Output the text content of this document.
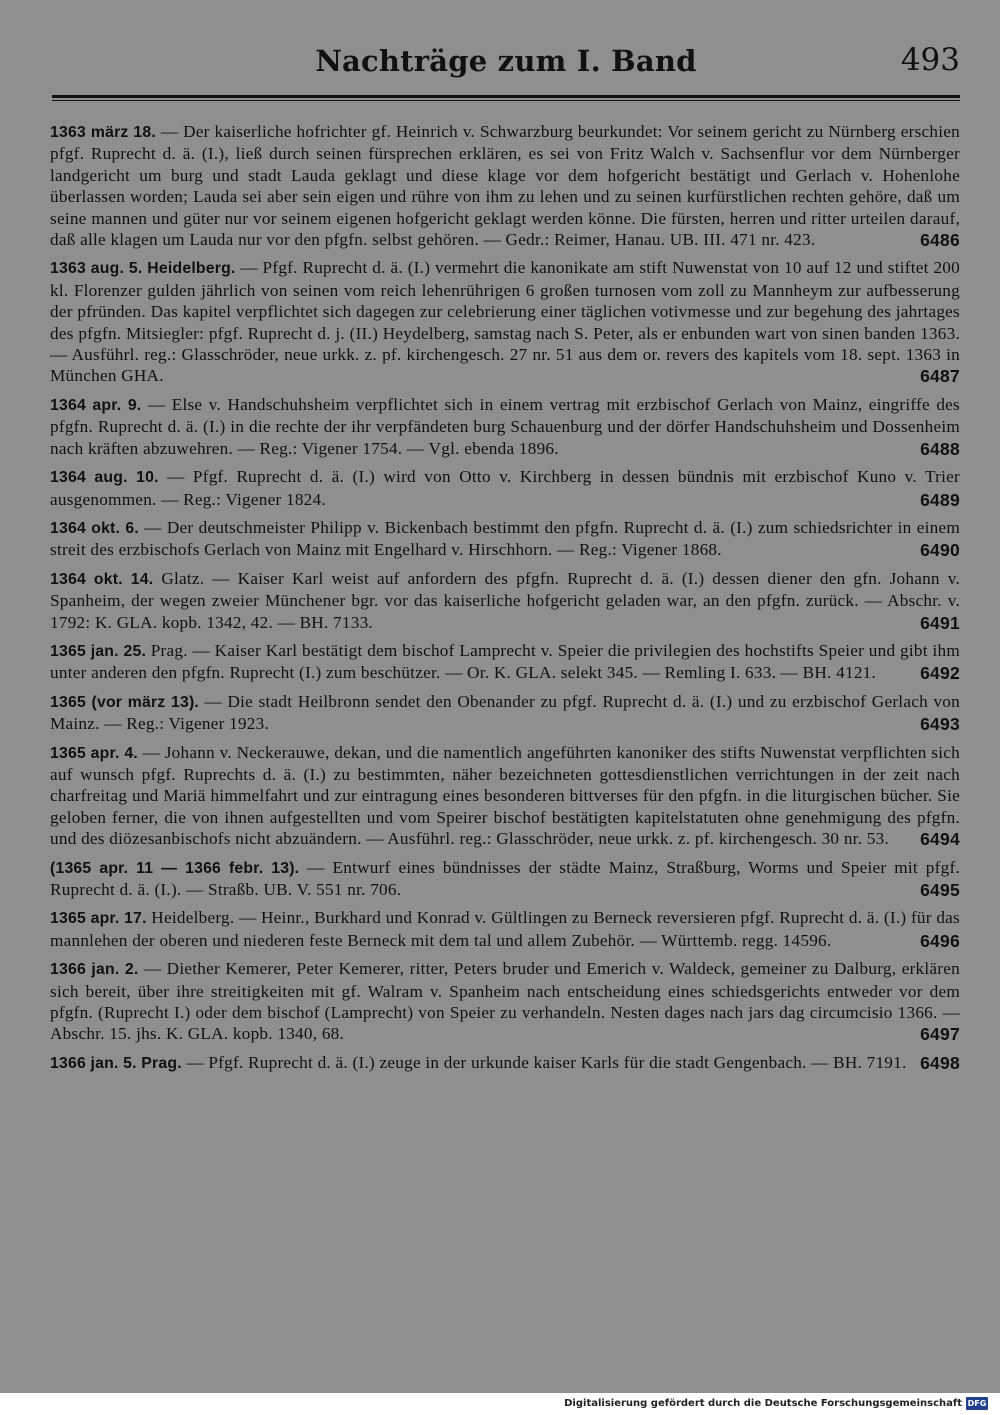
Nachträge zum I. Band	493

1363 märz 18. — Der kaiserliche hofrichter gf. Heinrich v. Schwarzburg beurkundet: Vor seinem gericht zu Nürnberg erschien pfgf. Ruprecht d. ä. (I.), ließ durch seinen fürsprechen erklären, es sei von Fritz Walch v. Sachsenflur vor dem Nürnberger landgericht um burg und stadt Lauda geklagt und diese klage vor dem hofgericht bestätigt und Gerlach v. Hohenlohe überlassen worden; Lauda sei aber sein eigen und rühre von ihm zu lehen und zu seinen kurfürstlichen rechten gehöre, daß um seine mannen und güter nur vor seinem eigenen hofgericht geklagt werden könne. Die fürsten, herren und ritter urteilen darauf, daß alle klagen um Lauda nur vor den pfgfn. selbst gehören. — Gedr.: Reimer, Hanau. UB. III. 471 nr. 423.	6486

1363 aug. 5. Heidelberg. — Pfgf. Ruprecht d. ä. (I.) vermehrt die kanonikate am stift Nuwenstat von 10 auf 12 und stiftet 200 kl. Florenzer gulden jährlich von seinen vom reich lehenrührigen 6 großen turnosen vom zoll zu Mannheym zur aufbesserung der pfründen. Das kapitel verpflichtet sich dagegen zur celebrierung einer täglichen votivmesse und zur begehung des jahrtages des pfgfn. Mitsiegler: pfgf. Ruprecht d. j. (II.) Heydelberg, samstag nach S. Peter, als er enbunden wart von sinen banden 1363. — Ausführl. reg.: Glasschröder, neue urkk. z. pf. kirchengesch. 27 nr. 51 aus dem or. revers des kapitels vom 18. sept. 1363 in München GHA.	6487

1364 apr. 9. — Else v. Handschuhsheim verpflichtet sich in einem vertrag mit erzbischof Gerlach von Mainz, eingriffe des pfgfn. Ruprecht d. ä. (I.) in die rechte der ihr verpfändeten burg Schauenburg und der dörfer Handschuhsheim und Dossenheim nach kräften abzuwehren. — Reg.: Vigener 1754. — Vgl. ebenda 1896.	6488

1364 aug. 10. — Pfgf. Ruprecht d. ä. (I.) wird von Otto v. Kirchberg in dessen bündnis mit erzbischof Kuno v. Trier ausgenommen. — Reg.: Vigener 1824.	6489

1364 okt. 6. — Der deutschmeister Philipp v. Bickenbach bestimmt den pfgfn. Ruprecht d. ä. (I.) zum schiedsrichter in einem streit des erzbischofs Gerlach von Mainz mit Engelhard v. Hirschhorn. — Reg.: Vigener 1868.	6490

1364 okt. 14. Glatz. — Kaiser Karl weist auf anfordern des pfgfn. Ruprecht d. ä. (I.) dessen diener den gfn. Johann v. Spanheim, der wegen zweier Münchener bgr. vor das kaiserliche hofgericht geladen war, an den pfgfn. zurück. — Abschr. v. 1792: K. GLA. kopb. 1342, 42. — BH. 7133.	6491

1365 jan. 25. Prag. — Kaiser Karl bestätigt dem bischof Lamprecht v. Speier die privilegien des hochstifts Speier und gibt ihm unter anderen den pfgfn. Ruprecht (I.) zum beschützer. — Or. K. GLA. selekt 345. — Remling I. 633. — BH. 4121.	6492

1365 (vor märz 13). — Die stadt Heilbronn sendet den Obenander zu pfgf. Ruprecht d. ä. (I.) und zu erzbischof Gerlach von Mainz. — Reg.: Vigener 1923.	6493

1365 apr. 4. — Johann v. Neckerauwe, dekan, und die namentlich angeführten kanoniker des stifts Nuwenstat verpflichten sich auf wunsch pfgf. Ruprechts d. ä. (I.) zu bestimmten, näher bezeichneten gottesdienstlichen verrichtungen in der zeit nach charfreitag und Mariä himmelfahrt und zur eintragung eines besonderen bittverses für den pfgfn. in die liturgischen bücher. Sie geloben ferner, die von ihnen aufgestellten und vom Speirer bischof bestätigten kapitelstatuten ohne genehmigung des pfgfn. und des diözesanbischofs nicht abzuändern. — Ausführl. reg.: Glasschröder, neue urkk. z. pf. kirchengesch. 30 nr. 53. 6494

(1365 apr. 11 — 1366 febr. 13). — Entwurf eines bündnisses der städte Mainz, Straßburg, Worms und Speier mit pfgf. Ruprecht d. ä. (I.). — Straßb. UB. V. 551 nr. 706.	6495

1365 apr. 17. Heidelberg. — Heinr., Burkhard und Konrad v. Gültlingen zu Berneck reversieren pfgf. Ruprecht d. ä. (I.) für das mannlehen der oberen und niederen feste Berneck mit dem tal und allem Zubehör. — Württemb. regg. 14596.	6496

1366 jan. 2. — Diether Kemerer, Peter Kemerer, ritter, Peters bruder und Emerich v. Waldeck, gemeiner zu Dalburg, erklären sich bereit, über ihre streitigkeiten mit gf. Walram v. Spanheim nach entscheidung eines schiedsgerichts entweder vor dem pfgfn. (Ruprecht I.) oder dem bischof (Lamprecht) von Speier zu verhandeln. Nesten dages nach jars dag circumcisio 1366. — Abschr. 15. jhs. K. GLA. kopb. 1340, 68.	6497

1366 jan. 5. Prag. — Pfgf. Ruprecht d. ä. (I.) zeuge in der urkunde kaiser Karls für die stadt Gengenbach. — BH. 7191. 6498

Digitalisierung gefördert durch die Deutsche Forschungsgemeinschaft DFG
